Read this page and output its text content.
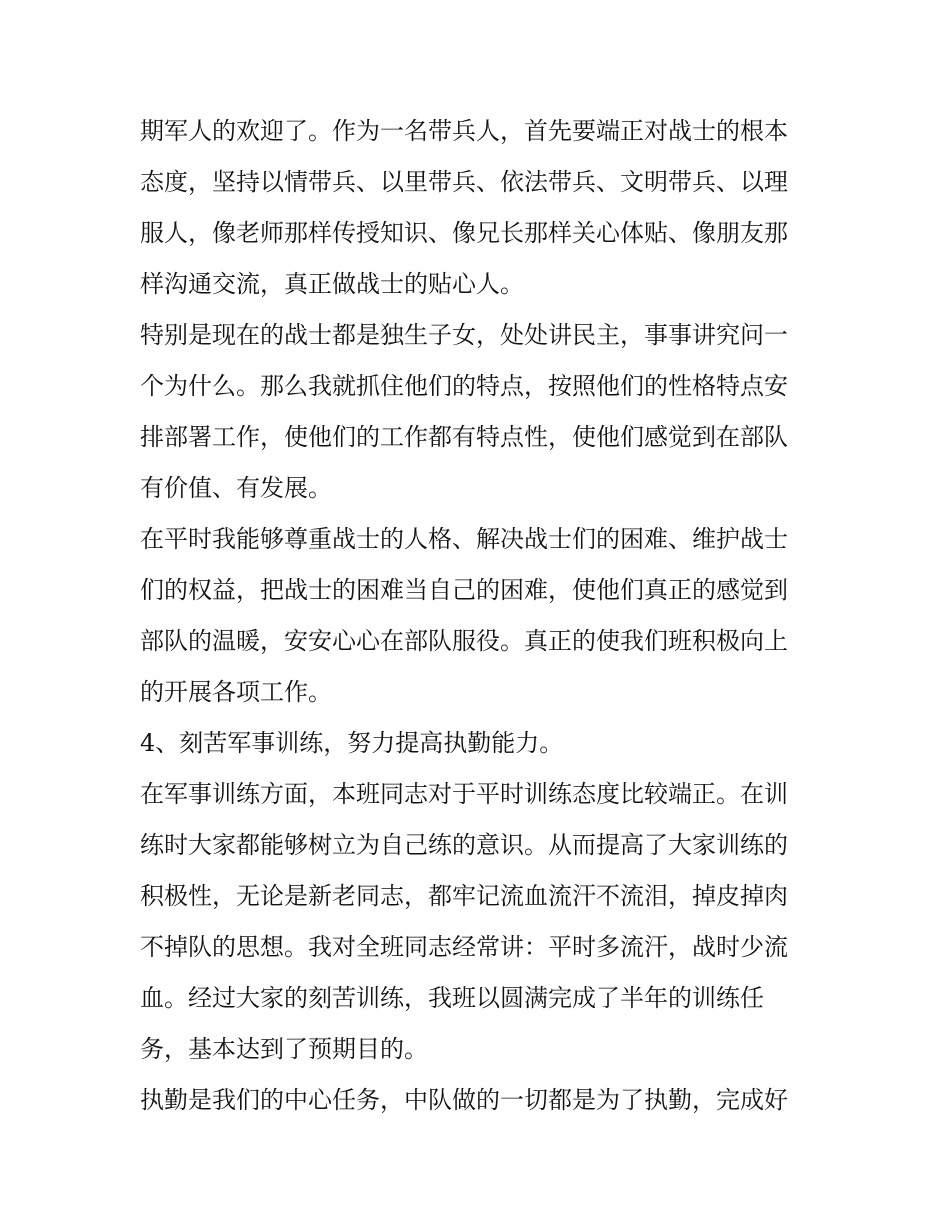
期军人的欢迎了。作为一名带兵人，首先要端正对战士的根本
态度，坚持以情带兵、以里带兵、依法带兵、文明带兵、以理
服人，像老师那样传授知识、像兄长那样关心体贴、像朋友那
样沟通交流，真正做战士的贴心人。
特别是现在的战士都是独生子女，处处讲民主，事事讲究问一
个为什么。那么我就抓住他们的特点，按照他们的性格特点安
排部署工作，使他们的工作都有特点性，使他们感觉到在部队
有价值、有发展。
在平时我能够尊重战士的人格、解决战士们的困难、维护战士
们的权益，把战士的困难当自己的困难，使他们真正的感觉到
部队的温暖，安安心心在部队服役。真正的使我们班积极向上
的开展各项工作。
4、刻苦军事训练，努力提高执勤能力。
在军事训练方面，本班同志对于平时训练态度比较端正。在训
练时大家都能够树立为自己练的意识。从而提高了大家训练的
积极性，无论是新老同志，都牢记流血流汗不流泪，掉皮掉肉
不掉队的思想。我对全班同志经常讲：平时多流汗，战时少流
血。经过大家的刻苦训练，我班以圆满完成了半年的训练任
务，基本达到了预期目的。
执勤是我们的中心任务，中队做的一切都是为了执勤，完成好
